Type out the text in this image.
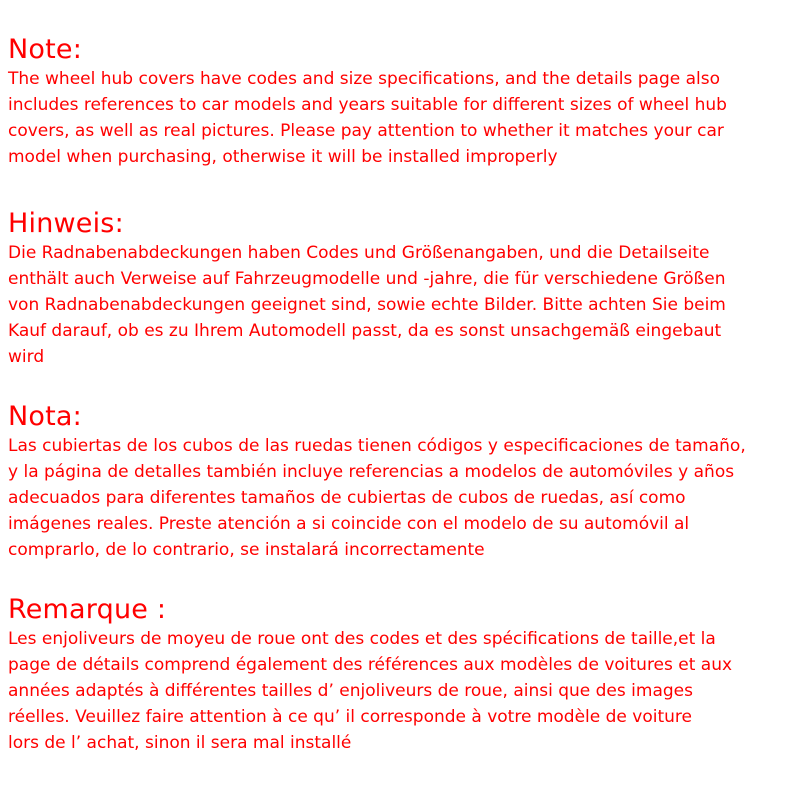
Note:
The wheel hub covers have codes and size specifications, and the details page also
includes references to car models and years suitable for different sizes of wheel hub
covers, as well as real pictures. Please pay attention to whether it matches your car
model when purchasing, otherwise it will be installed improperly
Hinweis:
Die Radnabenabdeckungen haben Codes und Größenangaben, und die Detailseite
enthält auch Verweise auf Fahrzeugmodelle und -jahre, die für verschiedene Größen
von Radnabenabdeckungen geeignet sind, sowie echte Bilder. Bitte achten Sie beim
Kauf darauf, ob es zu Ihrem Automodell passt, da es sonst unsachgemäß eingebaut
wird
Nota:
Las cubiertas de los cubos de las ruedas tienen códigos y especificaciones de tamaño,
y la página de detalles también incluye referencias a modelos de automóviles y años
adecuados para diferentes tamaños de cubiertas de cubos de ruedas, así como
imágenes reales. Preste atención a si coincide con el modelo de su automóvil al
comprarlo, de lo contrario, se instalará incorrectamente
Remarque :
Les enjoliveurs de moyeu de roue ont des codes et des spécifications de taille,et la
page de détails comprend également des références aux modèles de voitures et aux
années adaptés à différentes tailles d’ enjoliveurs de roue, ainsi que des images
réelles. Veuillez faire attention à ce qu’ il corresponde à votre modèle de voiture
lors de l’ achat, sinon il sera mal installé
